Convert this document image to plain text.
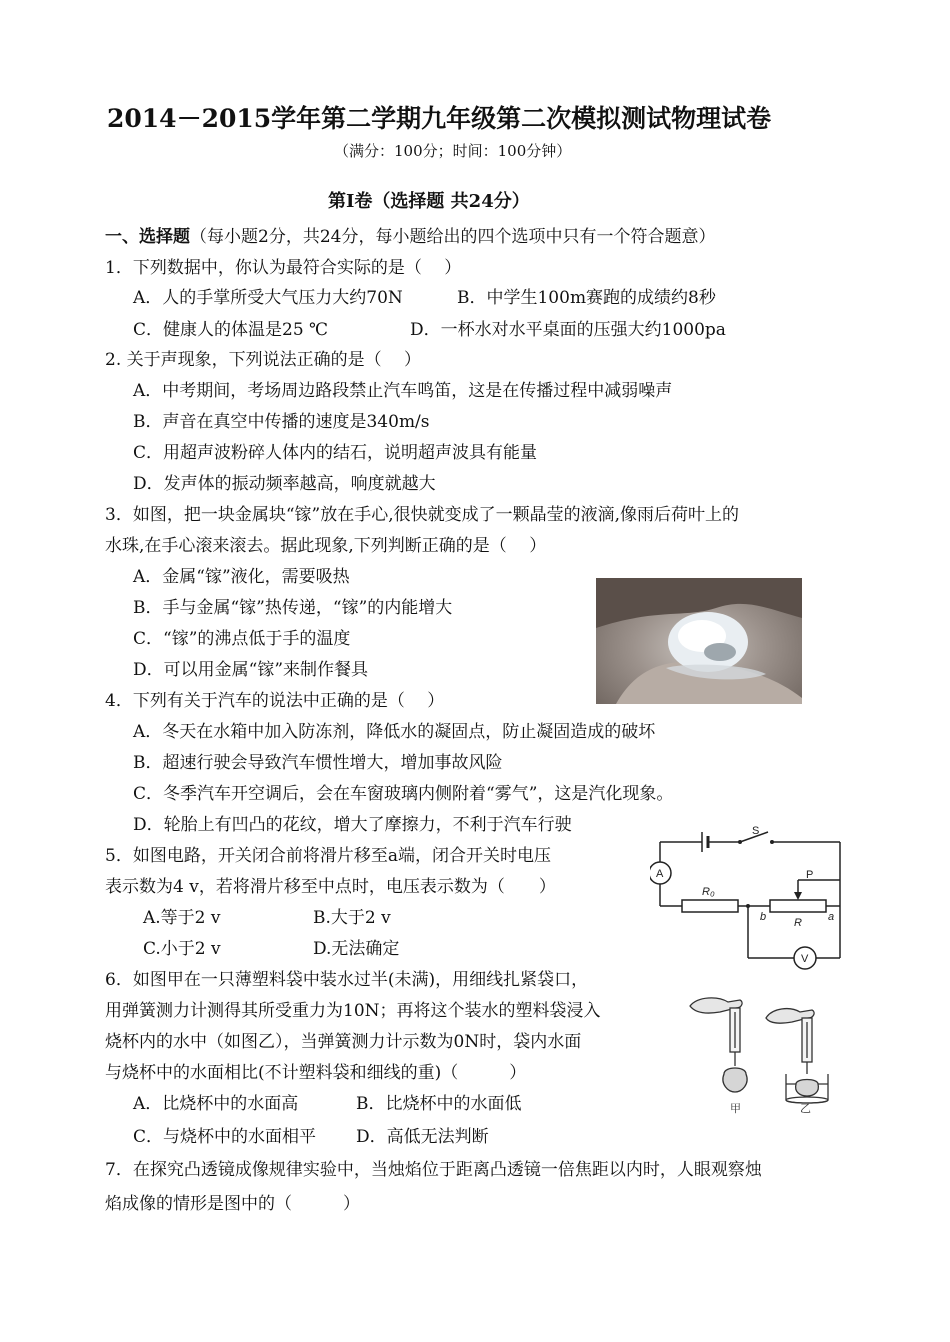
2014－2015学年第二学期九年级第二次模拟测试物理试卷
（满分：100分；时间：100分钟）
第Ⅰ卷（选择题 共24分）
一、选择题（每小题2分，共24分，每小题给出的四个选项中只有一个符合题意）
1．下列数据中，你认为最符合实际的是（　 ）
A．人的手掌所受大气压力大约70N	B．中学生100m赛跑的成绩约8秒
C．健康人的体温是25 ℃	D．一杯水对水平桌面的压强大约1000pa
2. 关于声现象，下列说法正确的是（　 ）
A．中考期间，考场周边路段禁止汽车鸣笛，这是在传播过程中减弱噪声
B．声音在真空中传播的速度是340m/s
C．用超声波粉碎人体内的结石，说明超声波具有能量
D．发声体的振动频率越高，响度就越大
3．如图，把一块金属块“镓”放在手心,很快就变成了一颗晶莹的液滴,像雨后荷叶上的
水珠,在手心滚来滚去。据此现象,下列判断正确的是（　 ）
A．金属“镓”液化，需要吸热
B．手与金属“镓”热传递，“镓”的内能增大
C．“镓”的沸点低于手的温度
D．可以用金属“镓”来制作餐具
4．下列有关于汽车的说法中正确的是（　 ）
A．冬天在水箱中加入防冻剂，降低水的凝固点，防止凝固造成的破坏
B．超速行驶会导致汽车惯性增大，增加事故风险
C．冬季汽车开空调后，会在车窗玻璃内侧附着“雾气”，这是汽化现象。
D．轮胎上有凹凸的花纹，增大了摩擦力，不利于汽车行驶
5．如图电路，开关闭合前将滑片移至a端，闭合开关时电压
表示数为4 v，若将滑片移至中点时，电压表示数为（　　）
A.等于2 v	B.大于2 v
C.小于2 v	D.无法确定
S
A
V
P
R₀
R
b	a
6．如图甲在一只薄塑料袋中装水过半(未满)，用细线扎紧袋口，
用弹簧测力计测得其所受重力为10N；再将这个装水的塑料袋浸入
烧杯内的水中（如图乙），当弹簧测力计示数为0N时，袋内水面
与烧杯中的水面相比(不计塑料袋和细线的重)（　　　）
A．比烧杯中的水面高	B．比烧杯中的水面低
C．与烧杯中的水面相平 D．高低无法判断
甲	乙
7．在探究凸透镜成像规律实验中，当烛焰位于距离凸透镜一倍焦距以内时，人眼观察烛
焰成像的情形是图中的（　　　）
